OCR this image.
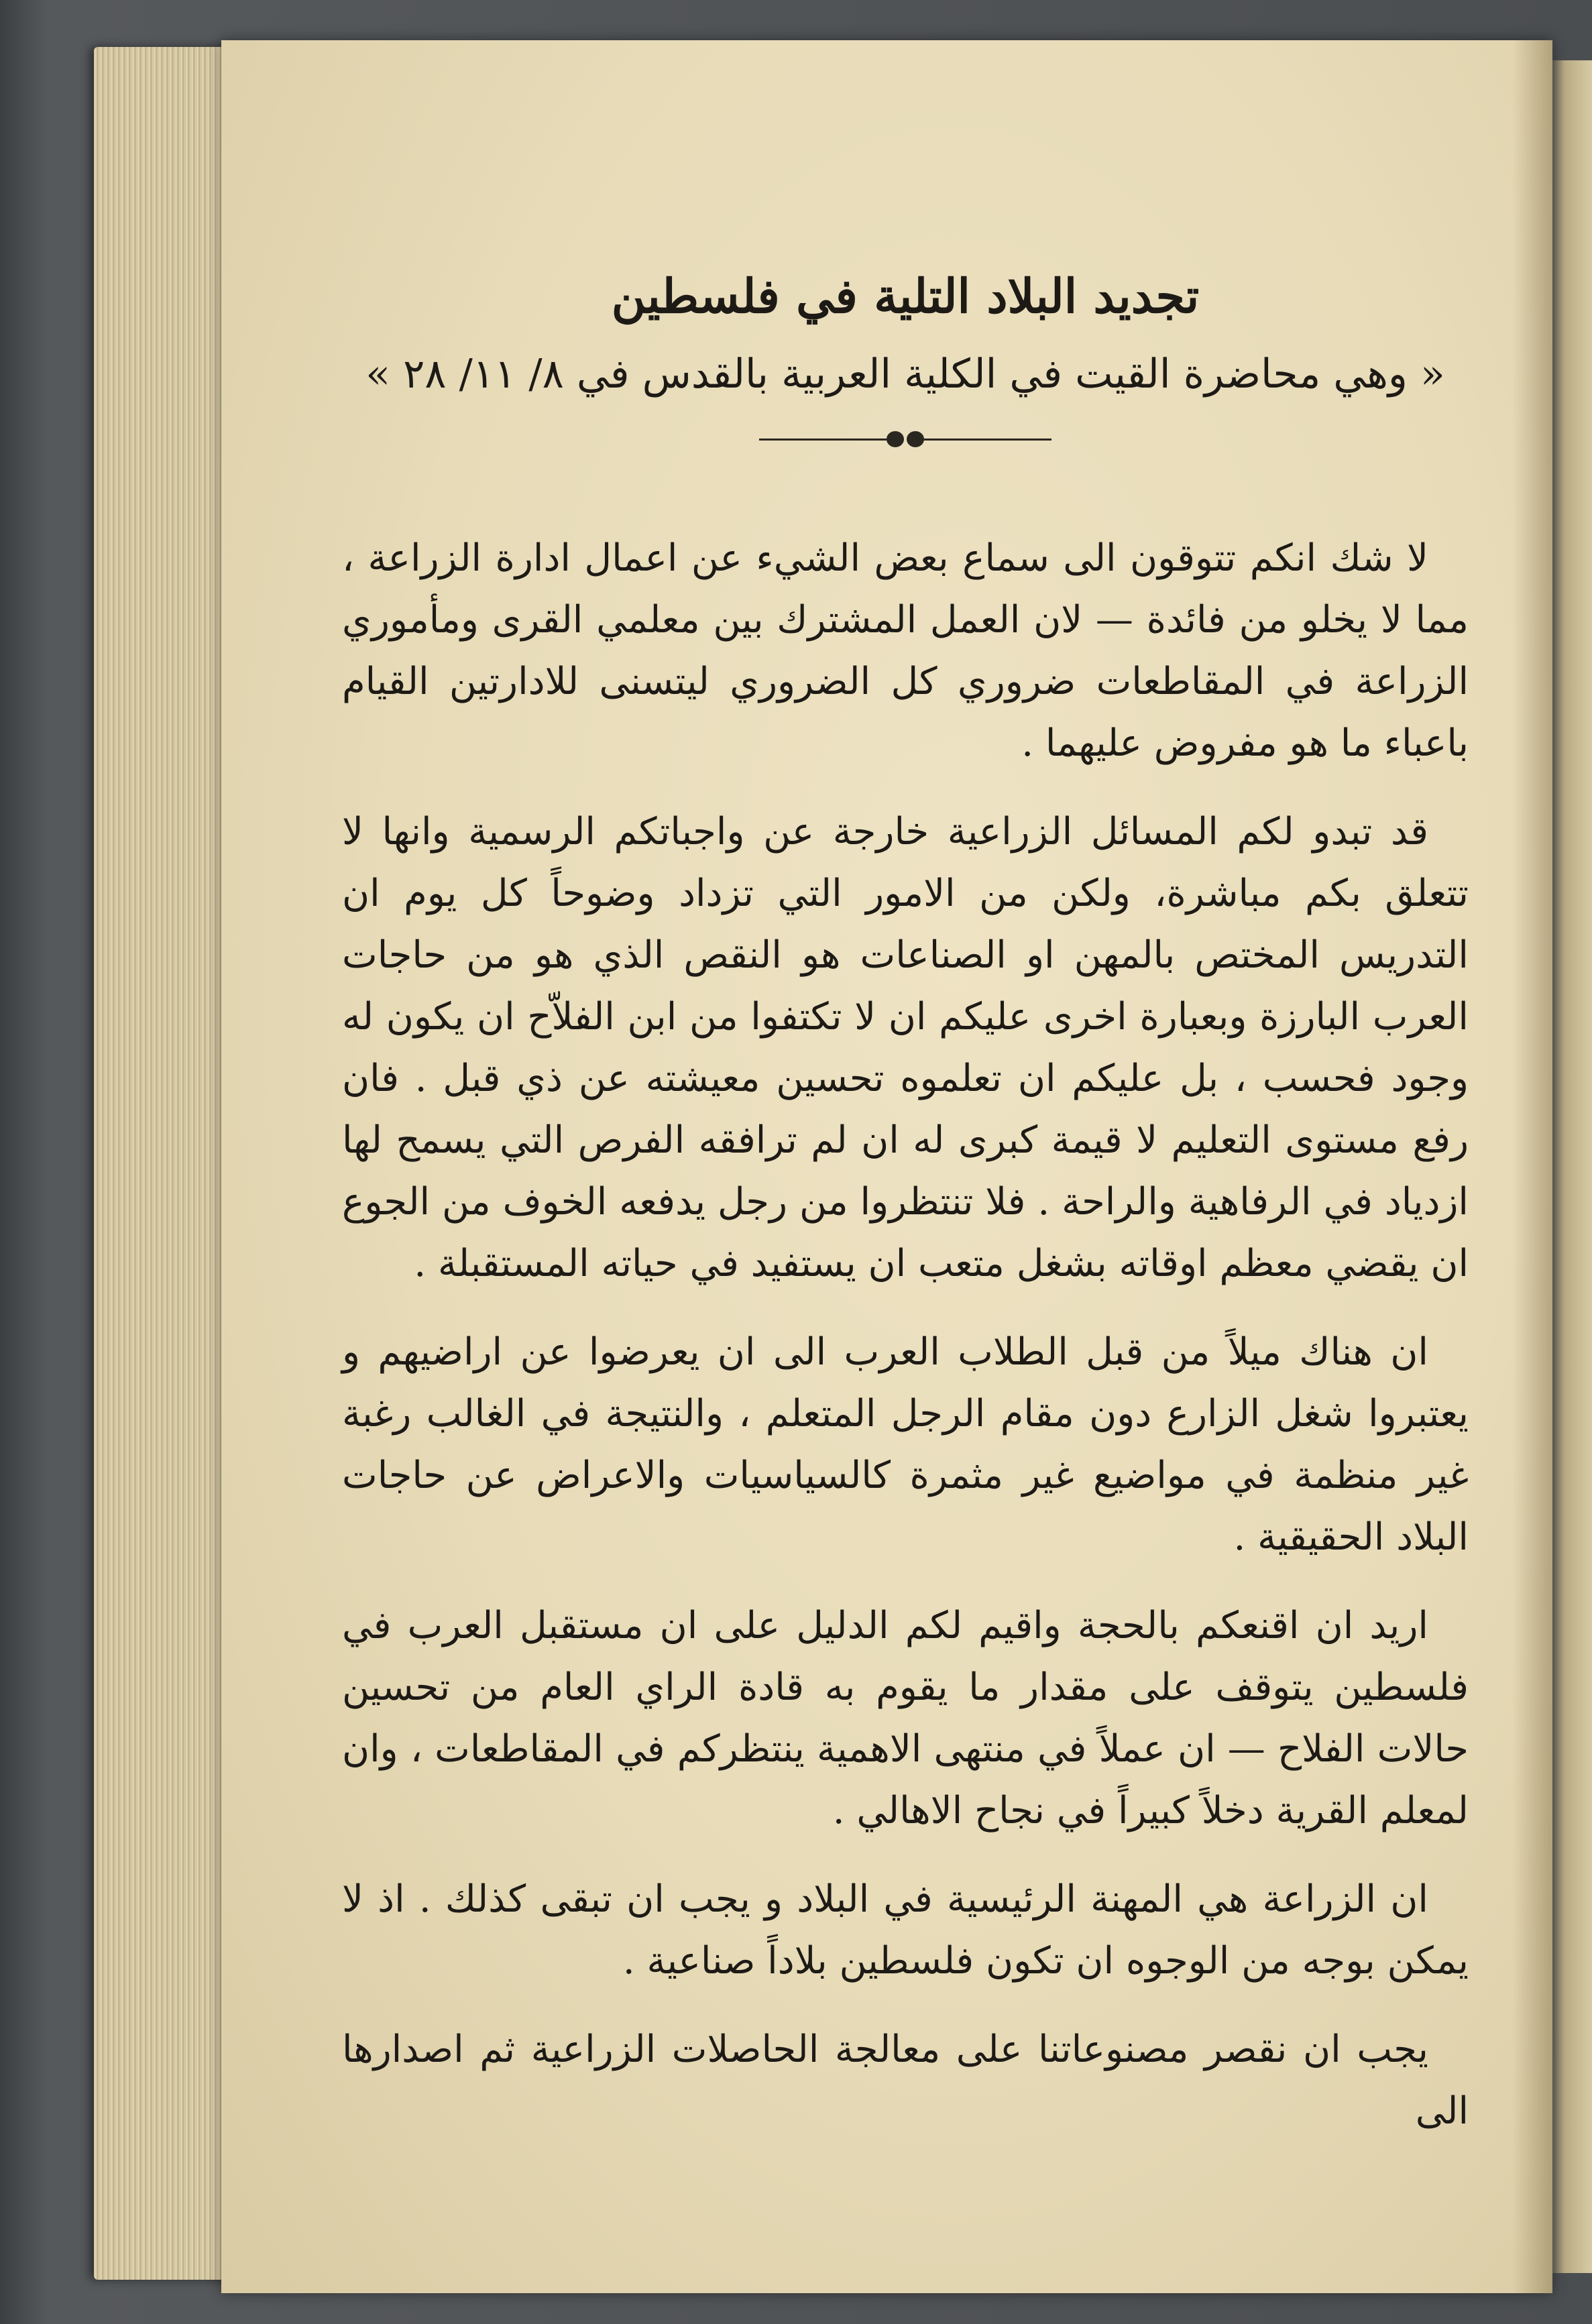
تجديد البلاد التلية في فلسطين

« وهي محاضرة القيت في الكلية العربية بالقدس في ٨/ ١١/ ٢٨ »

لا شك انكم تتوقون الى سماع بعض الشيء عن اعمال ادارة الزراعة ، مما لا يخلو من فائدة — لان العمل المشترك بين معلمي القرى ومأموري الزراعة في المقاطعات ضروري كل الضروري ليتسنى للادارتين القيام باعباء ما هو مفروض عليهما .

قد تبدو لكم المسائل الزراعية خارجة عن واجباتكم الرسمية وانها لا تتعلق بكم مباشرة، ولكن من الامور التي تزداد وضوحاً كل يوم ان التدريس المختص بالمهن او الصناعات هو النقص الذي هو من حاجات العرب البارزة وبعبارة اخرى عليكم ان لا تكتفوا من ابن الفلاّح ان يكون له وجود فحسب ، بل عليكم ان تعلموه تحسين معيشته عن ذي قبل . فان رفع مستوى التعليم لا قيمة كبرى له ان لم ترافقه الفرص التي يسمح لها ازدياد في الرفاهية والراحة . فلا تنتظروا من رجل يدفعه الخوف من الجوع ان يقضي معظم اوقاته بشغل متعب ان يستفيد في حياته المستقبلة .

ان هناك ميلاً من قبل الطلاب العرب الى ان يعرضوا عن اراضيهم و يعتبروا شغل الزارع دون مقام الرجل المتعلم ، والنتيجة في الغالب رغبة غير منظمة في مواضيع غير مثمرة كالسياسيات والاعراض عن حاجات البلاد الحقيقية .

اريد ان اقنعكم بالحجة واقيم لكم الدليل على ان مستقبل العرب في فلسطين يتوقف على مقدار ما يقوم به قادة الراي العام من تحسين حالات الفلاح — ان عملاً في منتهى الاهمية ينتظركم في المقاطعات ، وان لمعلم القرية دخلاً كبيراً في نجاح الاهالي .

ان الزراعة هي المهنة الرئيسية في البلاد و يجب ان تبقى كذلك . اذ لا يمكن بوجه من الوجوه ان تكون فلسطين بلاداً صناعية .

يجب ان نقصر مصنوعاتنا على معالجة الحاصلات الزراعية ثم اصدارها الى
